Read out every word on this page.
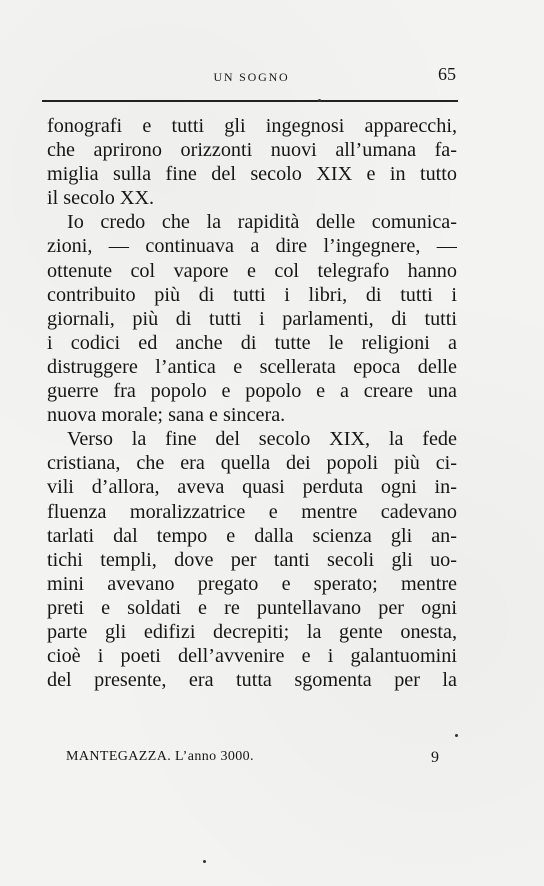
UN SOGNO	65
fonografi e tutti gli ingegnosi apparecchi,
che aprirono orizzonti nuovi all’umana fa-
miglia sulla fine del secolo XIX e in tutto
il secolo XX.
Io credo che la rapidità delle comunica-
zioni, — continuava a dire l’ingegnere, —
ottenute col vapore e col telegrafo hanno
contribuito più di tutti i libri, di tutti i
giornali, più di tutti i parlamenti, di tutti
i codici ed anche di tutte le religioni a
distruggere l’antica e scellerata epoca delle
guerre fra popolo e popolo e a creare una
nuova morale; sana e sincera.
Verso la fine del secolo XIX, la fede
cristiana, che era quella dei popoli più ci-
vili d’allora, aveva quasi perduta ogni in-
fluenza moralizzatrice e mentre cadevano
tarlati dal tempo e dalla scienza gli an-
tichi templi, dove per tanti secoli gli uo-
mini avevano pregato e sperato; mentre
preti e soldati e re puntellavano per ogni
parte gli edifizi decrepiti; la gente onesta,
cioè i poeti dell’avvenire e i galantuomini
del presente, era tutta sgomenta per la
MANTEGAZZA. L’anno 3000.	9
